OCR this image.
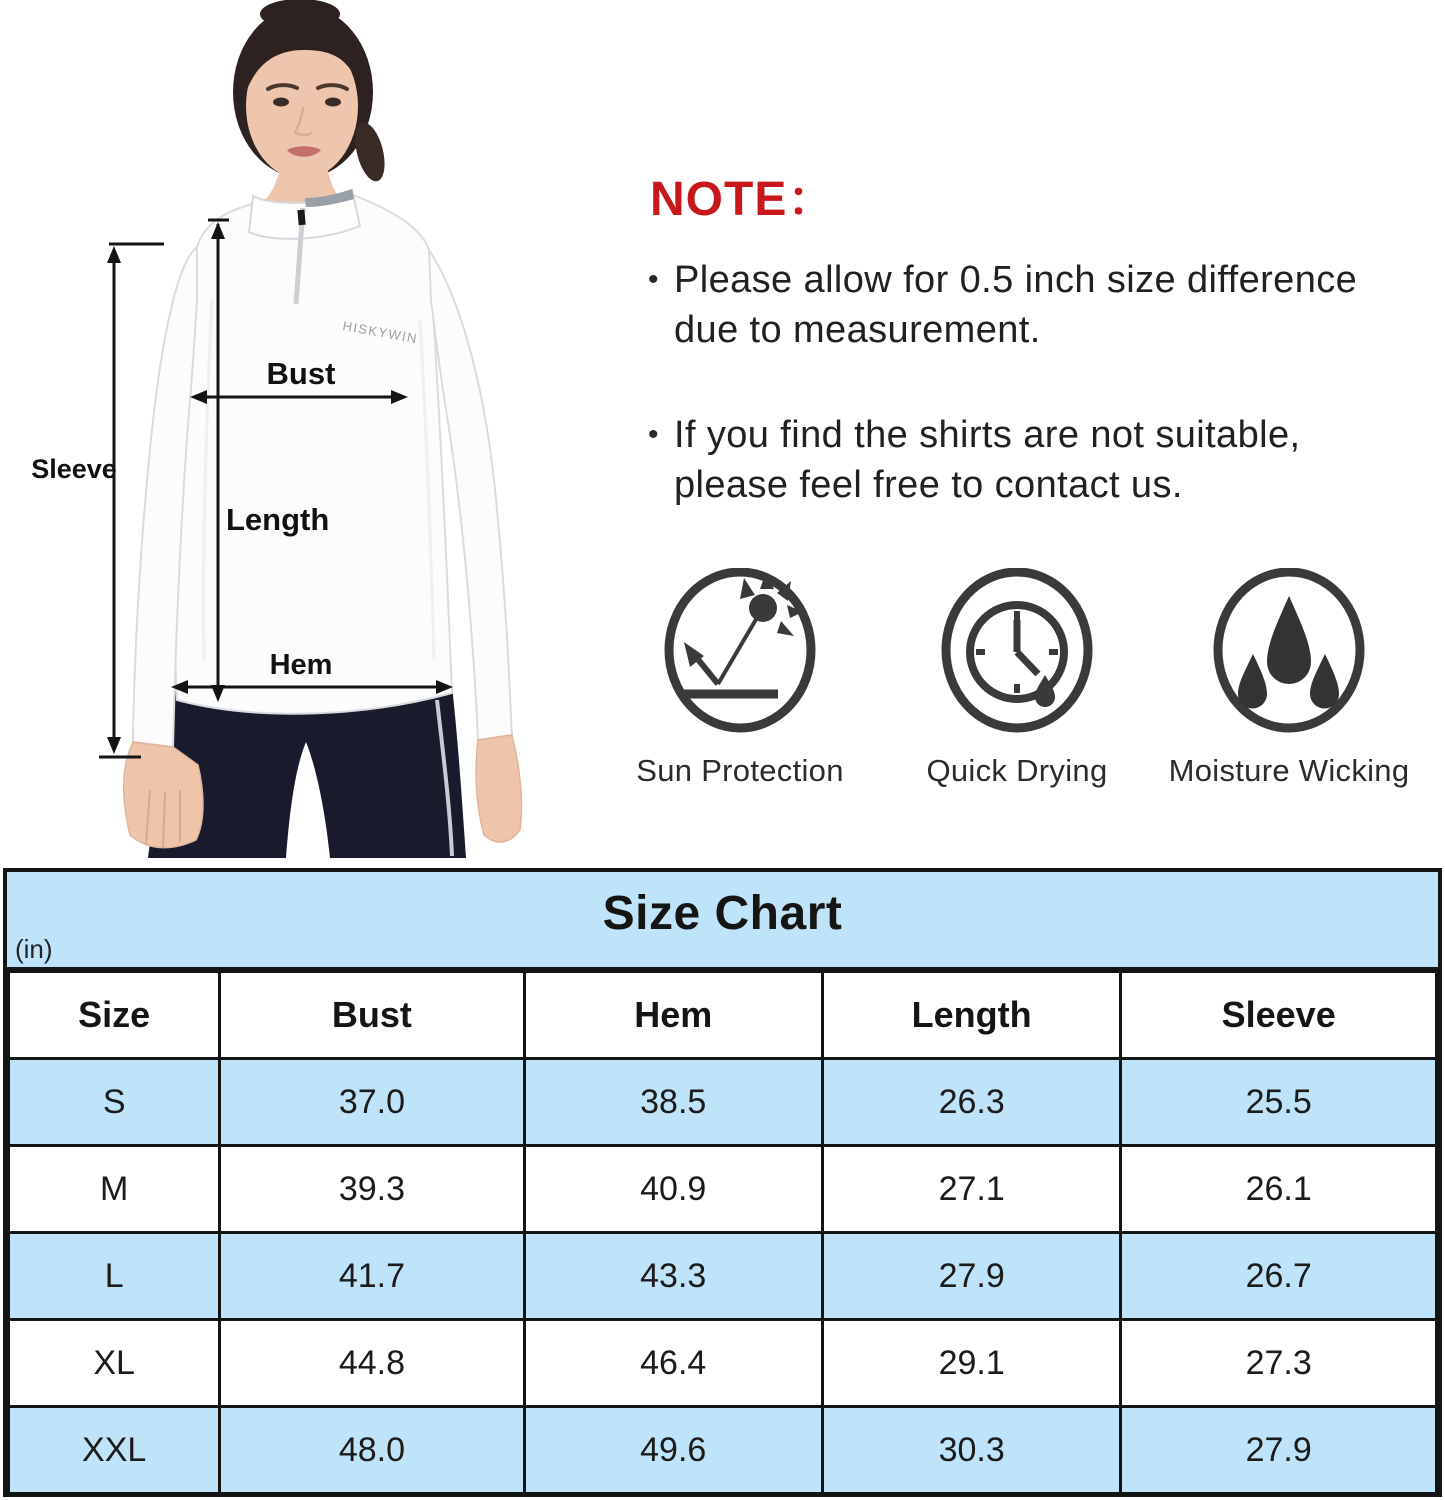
HISKYWIN
Sleeve
Bust
Length
Hem
NOTE：
• Please allow for 0.5 inch size difference
due to measurement.
• If you find the shirts are not suitable,
please feel free to contact us.
Sun Protection	Quick Drying	Moisture Wicking
Size Chart
(in)
Size	Bust	Hem	Length	Sleeve
S	37.0	38.5	26.3	25.5
M	39.3	40.9	27.1	26.1
L	41.7	43.3	27.9	26.7
XL	44.8	46.4	29.1	27.3
XXL	48.0	49.6	30.3	27.9
